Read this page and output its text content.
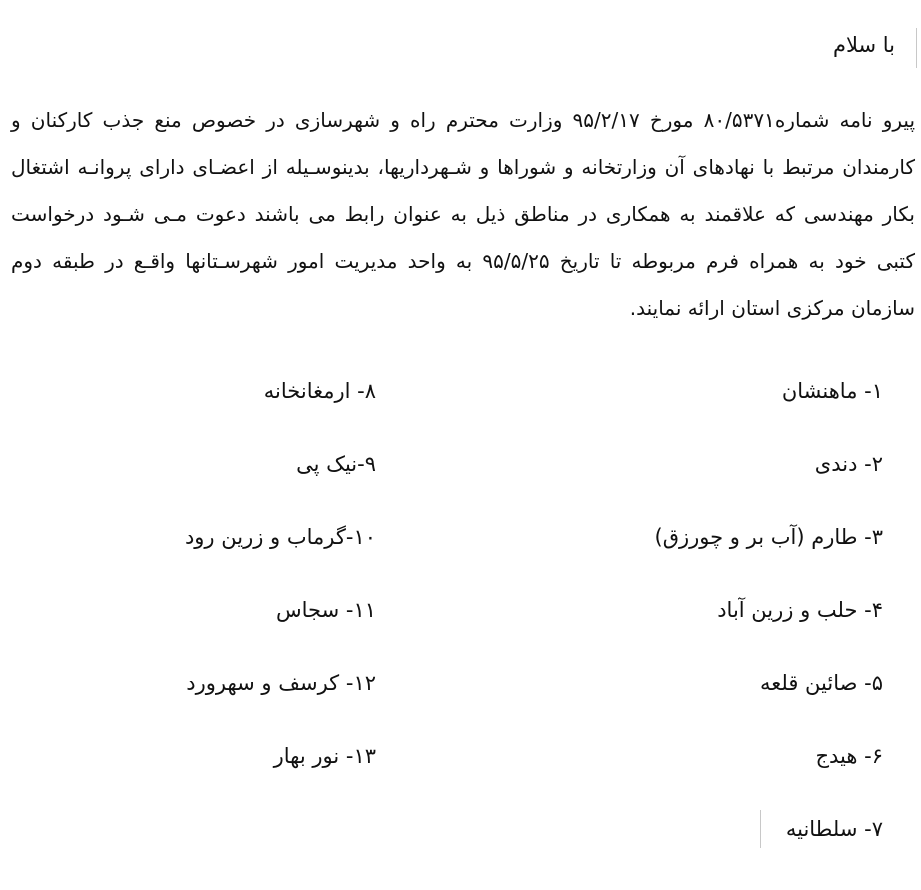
با سلام

پیرو نامه شماره۸۰/۵۳۷۱ مورخ ۹۵/۲/۱۷ وزارت محترم راه و شهرسازی در خصوص منع جذب کارکنان و کارمندان مرتبط با نهادهای آن وزارتخانه و شوراها و شـهرداریها، بدینوسـیله از اعضـای دارای پروانـه اشتغال بکار مهندسی که علاقمند به همکاری در مناطق ذیل به عنوان رابط می باشند دعوت مـی شـود درخواست کتبی خود به همراه فرم مربوطه تا تاریخ ۹۵/۵/۲۵ به واحد مدیریت امور شهرسـتانها واقـع در طبقه دوم سازمان مرکزی استان ارائه نمایند.

۱- ماهنشان
۲- دندی
۳- طارم (آب بر و چورزق)
۴- حلب و زرین آباد
۵- صائین قلعه
۶- هیدج
۷- سلطانیه
۸- ارمغانخانه
۹-نیک پی
۱۰-گرماب و زرین رود
۱۱- سجاس
۱۲- کرسف و سهرورد
۱۳- نور بهار
